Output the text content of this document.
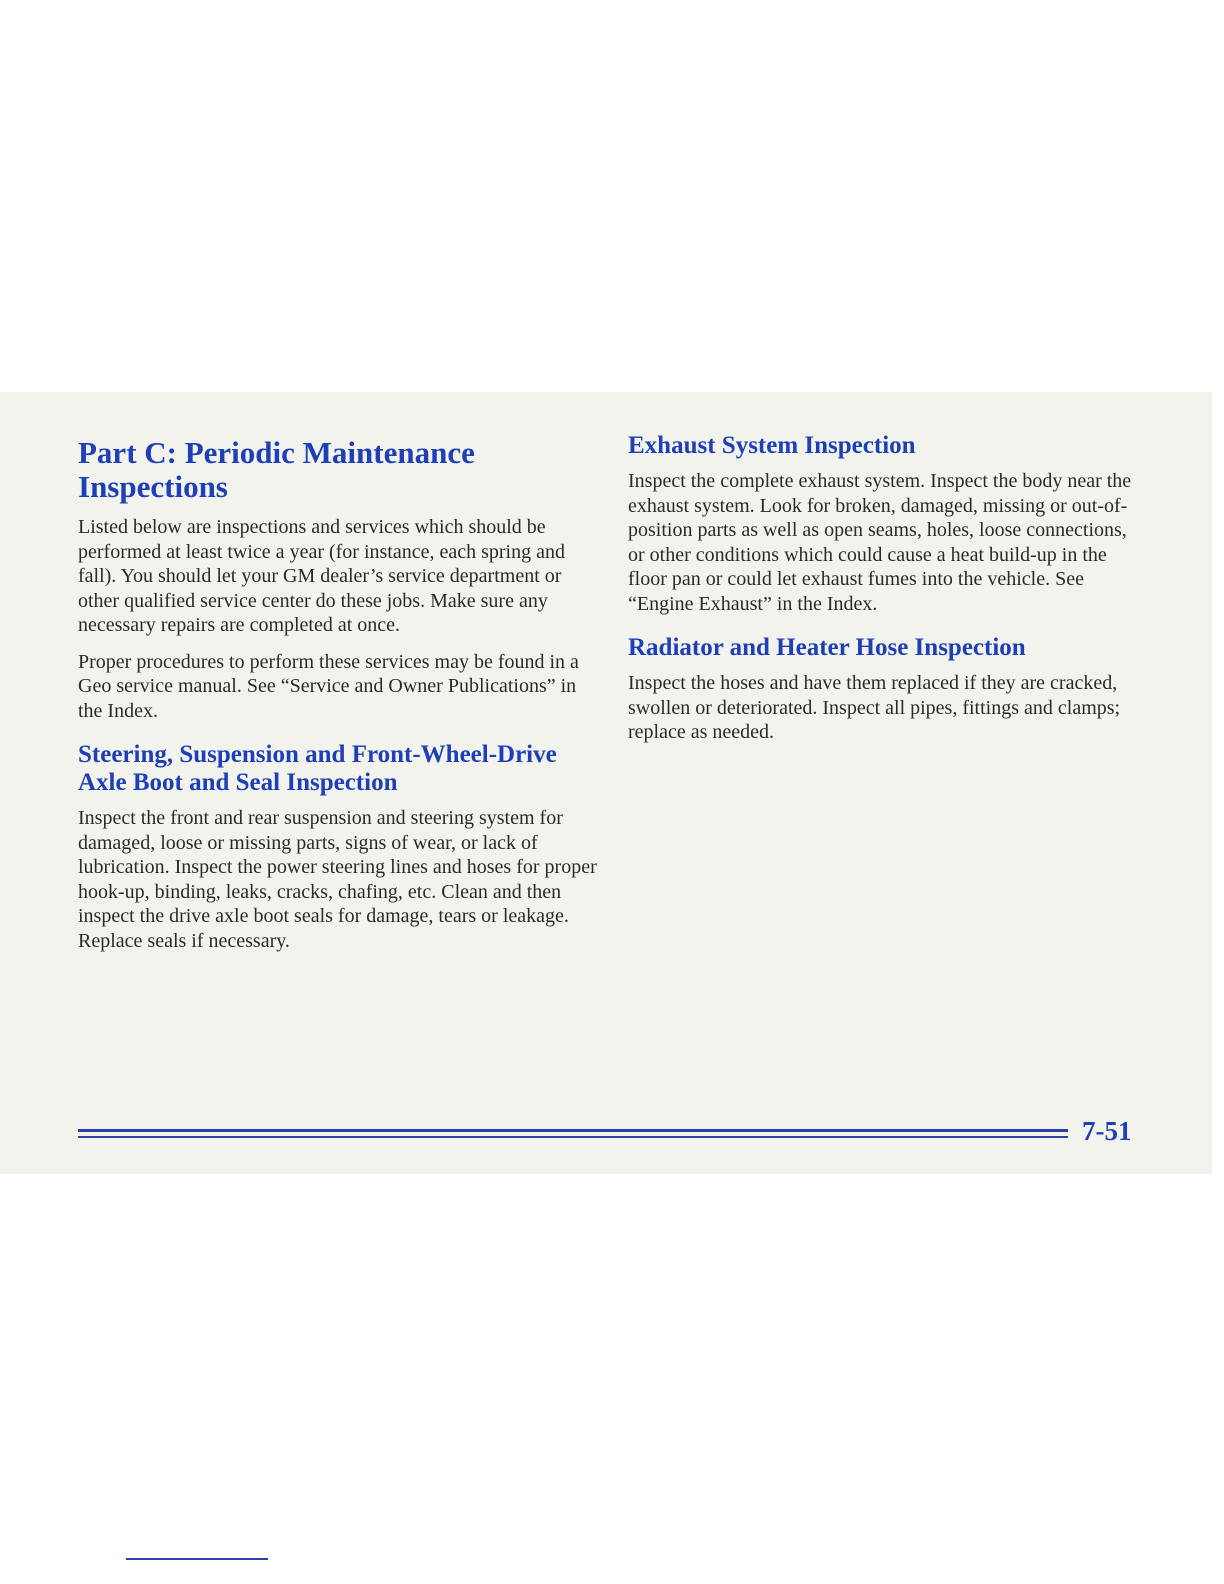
Part C: Periodic Maintenance
Inspections

Listed below are inspections and services which should be performed at least twice a year (for instance, each spring and fall). You should let your GM dealer’s service department or other qualified service center do these jobs. Make sure any necessary repairs are completed at once.

Proper procedures to perform these services may be found in a Geo service manual. See “Service and Owner Publications” in the Index.

Steering, Suspension and Front-Wheel-Drive
Axle Boot and Seal Inspection

Inspect the front and rear suspension and steering system for damaged, loose or missing parts, signs of wear, or lack of lubrication. Inspect the power steering lines and hoses for proper hook-up, binding, leaks, cracks, chafing, etc. Clean and then inspect the drive axle boot seals for damage, tears or leakage. Replace seals if necessary.

Exhaust System Inspection

Inspect the complete exhaust system. Inspect the body near the exhaust system. Look for broken, damaged, missing or out-of-position parts as well as open seams, holes, loose connections, or other conditions which could cause a heat build-up in the floor pan or could let exhaust fumes into the vehicle. See “Engine Exhaust” in the Index.

Radiator and Heater Hose Inspection

Inspect the hoses and have them replaced if they are cracked, swollen or deteriorated. Inspect all pipes, fittings and clamps; replace as needed.

7-51
